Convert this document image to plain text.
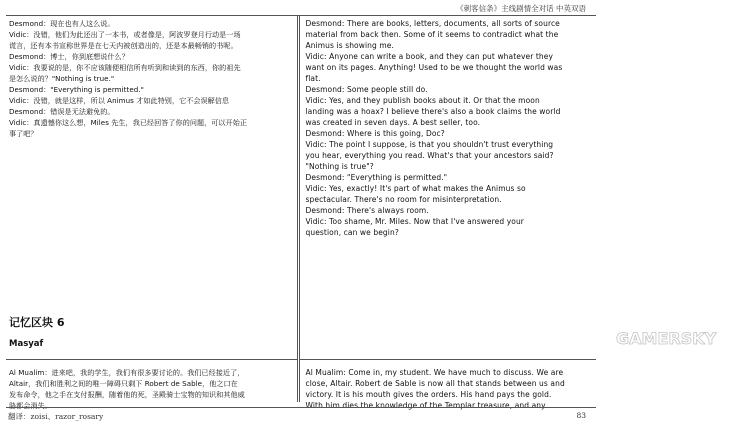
《刺客信条》主线剧情全对话 中英双语

Desmond：现在也有人这么说。

Vidic：没错，他们为此还出了一本书，或者像是，阿波罗登月行动是一场

谎言，还有本书宣称世界是在七天内被创造出的，还是本最畅销的书呢。

Desmond：博士，你到底想说什么？

Vidic：我要说的是，你不应该随便相信所有听到和读到的东西，你的祖先

是怎么说的？"Nothing is true."

Desmond："Everything is permitted."

Vidic：没错，就是这样，所以 Animus 才如此特别，它不会误解信息

Desmond：错误是无法避免的。

Vidic：真遗憾你这么想，Miles 先生，我已经回答了你的问题，可以开始正

事了吧？

记忆区块 6
Masyaf

Al Mualim：进来吧，我的学生，我们有很多要讨论的。我们已经接近了，

Altair，我们和胜利之间的唯一障碍只剩下 Robert de Sable，他之口在

发布命令，他之手在支付报酬，随着他的死，圣殿骑士宝物的知识和其他威

胁都会消失。

Desmond: There are books, letters, documents, all sorts of source

material from back then. Some of it seems to contradict what the

Animus is showing me.

Vidic: Anyone can write a book, and they can put whatever they

want on its pages. Anything! Used to be we thought the world was

flat.

Desmond: Some people still do.

Vidic: Yes, and they publish books about it. Or that the moon

landing was a hoax? I believe there's also a book claims the world

was created in seven days. A best seller, too.

Desmond: Where is this going, Doc?

Vidic: The point I suppose, is that you shouldn't trust everything

you hear, everything you read. What's that your ancestors said?

"Nothing is true"?

Desmond: "Everything is permitted."

Vidic: Yes, exactly! It's part of what makes the Animus so

spectacular. There's no room for misinterpretation.

Desmond: There's always room.

Vidic: Too shame, Mr. Miles. Now that I've answered your

question, can we begin?

Al Mualim: Come in, my student. We have much to discuss. We are

close, Altair. Robert de Sable is now all that stands between us and

victory. It is his mouth gives the orders. His hand pays the gold.

With him dies the knowledge of the Templar treasure, and any

GAMERSKY
翻译：zoisi、razor_rosary	83
